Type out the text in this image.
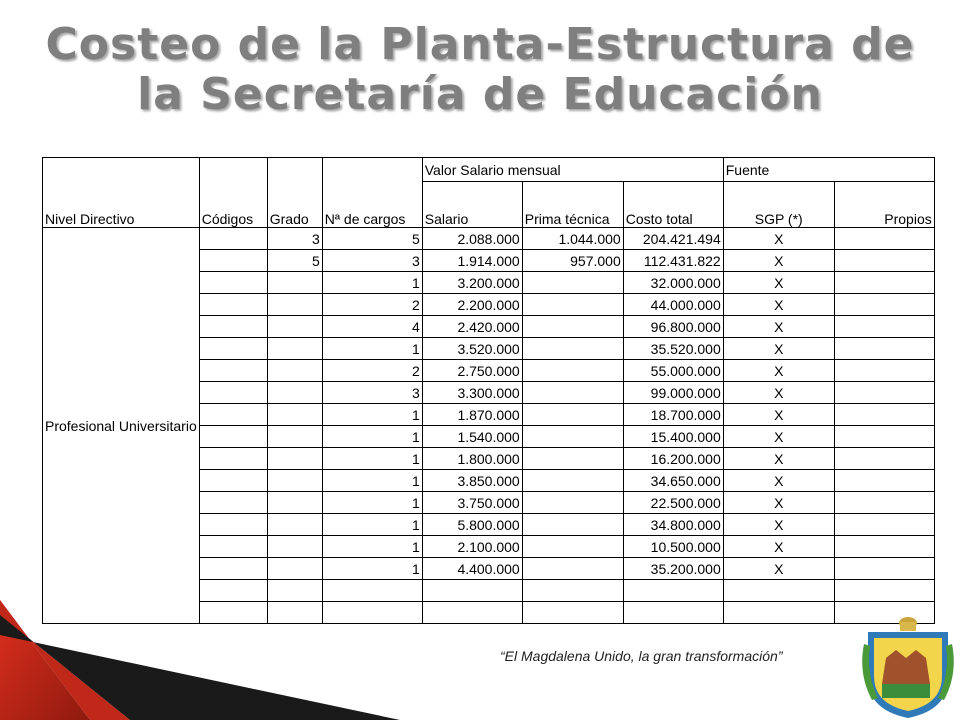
Costeo de la Planta-Estructura de
la Secretaría de Educación
Nivel Directivo	Códigos	Grado	Nª de cargos	Valor Salario mensual			Fuente	
				Salario	Prima técnica	Costo total	SGP (*)	Propios
Profesional Universitario		3	5	2.088.000	1.044.000	204.421.494	X	
		5	3	1.914.000	957.000	112.431.822	X	
			1	3.200.000		32.000.000	X	
			2	2.200.000		44.000.000	X	
			4	2.420.000		96.800.000	X	
			1	3.520.000		35.520.000	X	
			2	2.750.000		55.000.000	X	
			3	3.300.000		99.000.000	X	
			1	1.870.000		18.700.000	X	
			1	1.540.000		15.400.000	X	
			1	1.800.000		16.200.000	X	
			1	3.850.000		34.650.000	X	
			1	3.750.000		22.500.000	X	
			1	5.800.000		34.800.000	X	
			1	2.100.000		10.500.000	X	
			1	4.400.000		35.200.000	X	

“El Magdalena Unido, la gran transformación”
